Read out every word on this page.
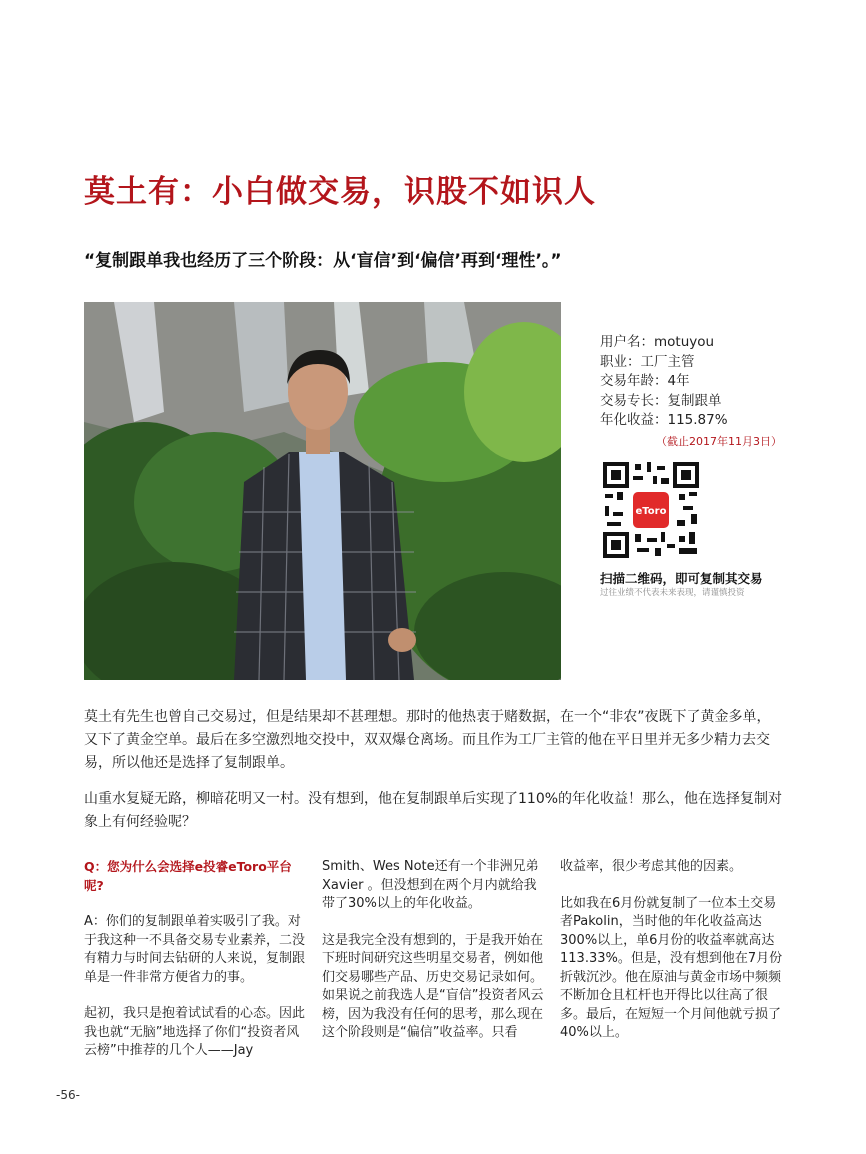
莫土有：小白做交易，识股不如识人
“复制跟单我也经历了三个阶段：从‘盲信’到‘偏信’再到‘理性’。”
用户名：motuyou
职业：工厂主管
交易年龄：4年
交易专长：复制跟单
年化收益：115.87%
（截止2017年11月3日）
eToro
扫描二维码，即可复制其交易
过往业绩不代表未来表现，请谨慎投资

莫土有先生也曾自己交易过，但是结果却不甚理想。那时的他热衷于赌数据，在一个“非农”夜既下了黄金多单，又下了黄金空单。最后在多空激烈地交投中，双双爆仓离场。而且作为工厂主管的他在平日里并无多少精力去交易，所以他还是选择了复制跟单。

山重水复疑无路，柳暗花明又一村。没有想到，他在复制跟单后实现了110%的年化收益！那么，他在选择复制对象上有何经验呢？

Q：您为什么会选择e投睿eToro平台呢?

A：你们的复制跟单着实吸引了我。对于我这种一不具备交易专业素养，二没有精力与时间去钻研的人来说，复制跟单是一件非常方便省力的事。

起初，我只是抱着试试看的心态。因此我也就“无脑”地选择了你们“投资者风云榜”中推荐的几个人——Jay

Smith、Wes Note还有一个非洲兄弟Xavier 。但没想到在两个月内就给我带了30%以上的年化收益。

这是我完全没有想到的，于是我开始在下班时间研究这些明星交易者，例如他们交易哪些产品、历史交易记录如何。如果说之前我选人是“盲信”投资者风云榜，因为我没有任何的思考，那么现在这个阶段则是“偏信”收益率。只看

收益率，很少考虑其他的因素。

比如我在6月份就复制了一位本土交易者Pakolin，当时他的年化收益高达300%以上，单6月份的收益率就高达113.33%。但是，没有想到他在7月份折戟沉沙。他在原油与黄金市场中频频不断加仓且杠杆也开得比以往高了很多。最后，在短短一个月间他就亏损了40%以上。

-56-
